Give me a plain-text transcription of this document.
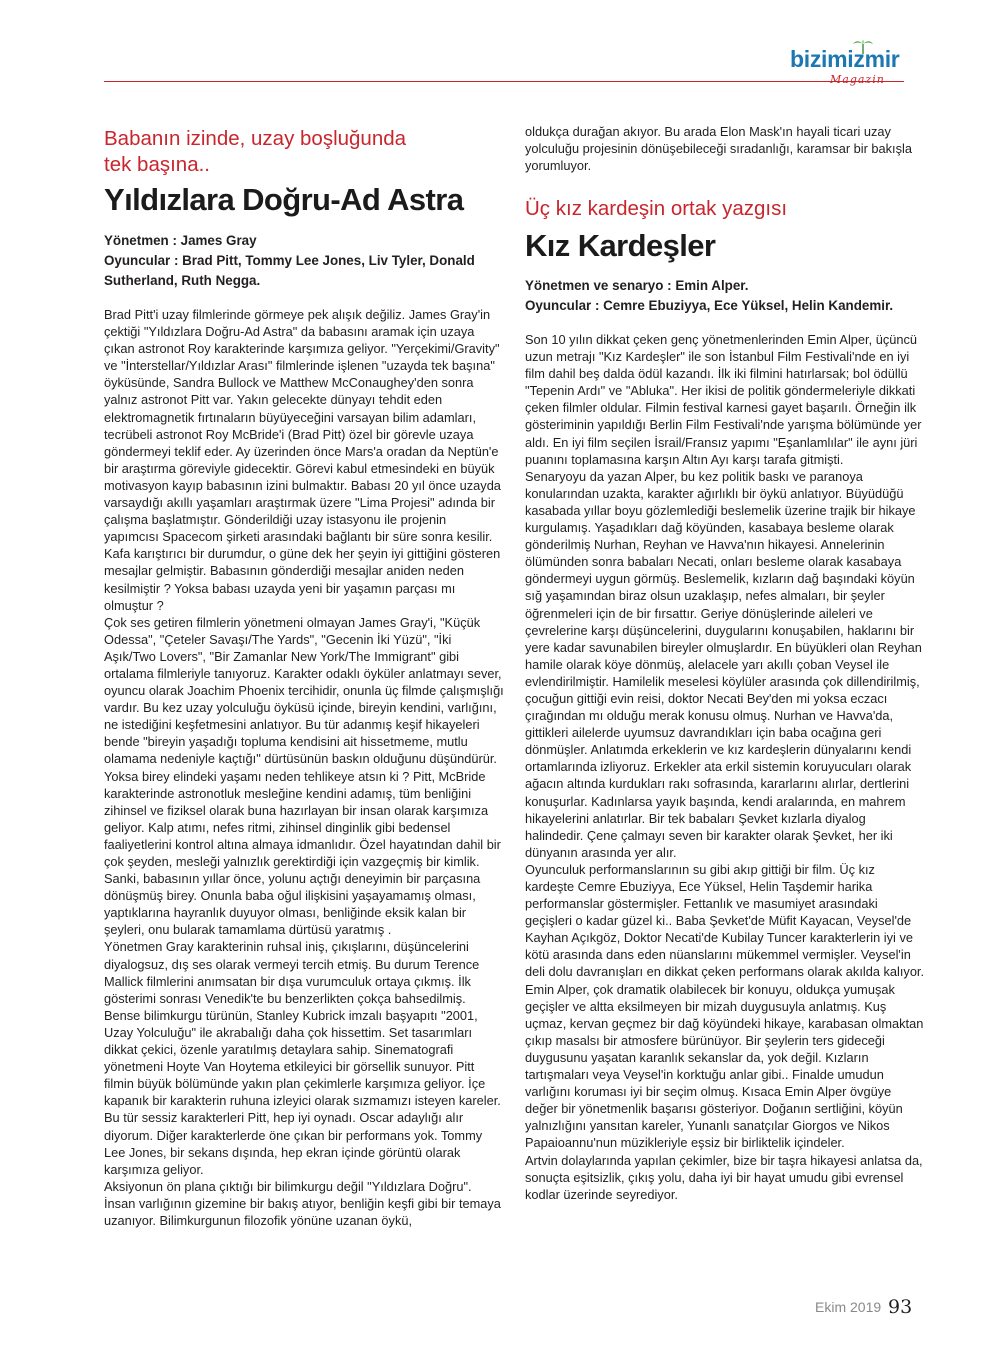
bizimizmir
Magazin

Babanın izinde, uzay boşluğunda
tek başına..

Yıldızlara Doğru-Ad Astra
Yönetmen : James Gray
Oyuncular : Brad Pitt, Tommy Lee Jones, Liv Tyler, Donald Sutherland, Ruth Negga.

Brad Pitt'i uzay filmlerinde görmeye pek alışık değiliz. James Gray'in çektiği "Yıldızlara Doğru-Ad Astra" da babasını aramak için uzaya çıkan astronot Roy karakterinde karşımıza geliyor. "Yerçekimi/Gravity" ve "İnterstellar/Yıldızlar Arası" filmlerinde işlenen "uzayda tek başına" öyküsünde, Sandra Bullock ve Matthew McConaughey'den sonra yalnız astronot Pitt var. Yakın gelecekte dünyayı tehdit eden elektromagnetik fırtınaların büyüyeceğini varsayan bilim adamları, tecrübeli astronot Roy McBride'i (Brad Pitt) özel bir görevle uzaya göndermeyi teklif eder. Ay üzerinden önce Mars'a oradan da Neptün'e bir araştırma göreviyle gidecektir. Görevi kabul etmesindeki en büyük motivasyon kayıp babasının izini bulmaktır. Babası 20 yıl önce uzayda varsaydığı akıllı yaşamları araştırmak üzere "Lima Projesi" adında bir çalışma başlatmıştır. Gönderildiği uzay istasyonu ile projenin yapımcısı Spacecom şirketi arasındaki bağlantı bir süre sonra kesilir. Kafa karıştırıcı bir durumdur, o güne dek her şeyin iyi gittiğini gösteren mesajlar gelmiştir. Babasının gönderdiği mesajlar aniden neden kesilmiştir ? Yoksa babası uzayda yeni bir yaşamın parçası mı olmuştur ?

Çok ses getiren filmlerin yönetmeni olmayan James Gray'i, "Küçük Odessa", "Çeteler Savaşı/The Yards", "Gecenin İki Yüzü", "İki Aşık/Two Lovers", "Bir Zamanlar New York/The Immigrant" gibi ortalama filmleriyle tanıyoruz. Karakter odaklı öyküler anlatmayı sever, oyuncu olarak Joachim Phoenix tercihidir, onunla üç filmde çalışmışlığı vardır. Bu kez uzay yolculuğu öyküsü içinde, bireyin kendini, varlığını, ne istediğini keşfetmesini anlatıyor. Bu tür adanmış keşif hikayeleri bende "bireyin yaşadığı topluma kendisini ait hissetmeme, mutlu olamama nedeniyle kaçtığı" dürtüsünün baskın olduğunu düşündürür. Yoksa birey elindeki yaşamı neden tehlikeye atsın ki ? Pitt, McBride karakterinde astronotluk mesleğine kendini adamış, tüm benliğini zihinsel ve fiziksel olarak buna hazırlayan bir insan olarak karşımıza geliyor. Kalp atımı, nefes ritmi, zihinsel dinginlik gibi bedensel faaliyetlerini kontrol altına almaya idmanlıdır. Özel hayatından dahil bir çok şeyden, mesleği yalnızlık gerektirdiği için vazgeçmiş bir kimlik. Sanki, babasının yıllar önce, yolunu açtığı deneyimin bir parçasına dönüşmüş birey. Onunla baba oğul ilişkisini yaşayamamış olması, yaptıklarına hayranlık duyuyor olması, benliğinde eksik kalan bir şeyleri, onu bularak tamamlama dürtüsü yaratmış .

Yönetmen Gray karakterinin ruhsal iniş, çıkışlarını, düşüncelerini diyalogsuz, dış ses olarak vermeyi tercih etmiş. Bu durum Terence Mallick filmlerini anımsatan bir dışa vurumculuk ortaya çıkmış. İlk gösterimi sonrası Venedik'te bu benzerlikten çokça bahsedilmiş. Bense bilimkurgu türünün, Stanley Kubrick imzalı başyapıtı "2001, Uzay Yolculuğu" ile akrabalığı daha çok hissettim. Set tasarımları dikkat çekici, özenle yaratılmış detaylara sahip. Sinematografi yönetmeni Hoyte Van Hoytema etkileyici bir görsellik sunuyor. Pitt filmin büyük bölümünde yakın plan çekimlerle karşımıza geliyor. İçe kapanık bir karakterin ruhuna izleyici olarak sızmamızı isteyen kareler. Bu tür sessiz karakterleri Pitt, hep iyi oynadı. Oscar adaylığı alır diyorum. Diğer karakterlerde öne çıkan bir performans yok. Tommy Lee Jones, bir sekans dışında, hep ekran içinde görüntü olarak karşımıza geliyor.

Aksiyonun ön plana çıktığı bir bilimkurgu değil "Yıldızlara Doğru". İnsan varlığının gizemine bir bakış atıyor, benliğin keşfi gibi bir temaya uzanıyor. Bilimkurgunun filozofik yönüne uzanan öykü,

oldukça durağan akıyor. Bu arada Elon Mask'ın hayali ticari uzay yolculuğu projesinin dönüşebileceği sıradanlığı, karamsar bir bakışla yorumluyor.

Üç kız kardeşin ortak yazgısı

Kız Kardeşler
Yönetmen ve senaryo : Emin Alper.
Oyuncular : Cemre Ebuziyya, Ece Yüksel, Helin Kandemir.

Son 10 yılın dikkat çeken genç yönetmenlerinden Emin Alper, üçüncü uzun metrajı "Kız Kardeşler" ile son İstanbul Film Festivali'nde en iyi film dahil beş dalda ödül kazandı. İlk iki filmini hatırlarsak; bol ödüllü "Tepenin Ardı" ve "Abluka". Her ikisi de politik göndermeleriyle dikkati çeken filmler oldular. Filmin festival karnesi gayet başarılı. Örneğin ilk gösteriminin yapıldığı Berlin Film Festivali'nde yarışma bölümünde yer aldı. En iyi film seçilen İsrail/Fransız yapımı "Eşanlamlılar" ile aynı jüri puanını toplamasına karşın Altın Ayı karşı tarafa gitmişti.

Senaryoyu da yazan Alper, bu kez politik baskı ve paranoya konularından uzakta, karakter ağırlıklı bir öykü anlatıyor. Büyüdüğü kasabada yıllar boyu gözlemlediği beslemelik üzerine trajik bir hikaye kurgulamış. Yaşadıkları dağ köyünden, kasabaya besleme olarak gönderilmiş Nurhan, Reyhan ve Havva'nın hikayesi. Annelerinin ölümünden sonra babaları Necati, onları besleme olarak kasabaya göndermeyi uygun görmüş. Beslemelik, kızların dağ başındaki köyün sığ yaşamından biraz olsun uzaklaşıp, nefes almaları, bir şeyler öğrenmeleri için de bir fırsattır. Geriye dönüşlerinde aileleri ve çevrelerine karşı düşüncelerini, duygularını konuşabilen, haklarını bir yere kadar savunabilen bireyler olmuşlardır. En büyükleri olan Reyhan hamile olarak köye dönmüş, alelacele yarı akıllı çoban Veysel ile evlendirilmiştir. Hamilelik meselesi köylüler arasında çok dillendirilmiş, çocuğun gittiği evin reisi, doktor Necati Bey'den mi yoksa eczacı çırağından mı olduğu merak konusu olmuş. Nurhan ve Havva'da, gittikleri ailelerde uyumsuz davrandıkları için baba ocağına geri dönmüşler. Anlatımda erkeklerin ve kız kardeşlerin dünyalarını kendi ortamlarında izliyoruz. Erkekler ata erkil sistemin koruyucuları olarak ağacın altında kurdukları rakı sofrasında, kararlarını alırlar, dertlerini konuşurlar. Kadınlarsa yayık başında, kendi aralarında, en mahrem hikayelerini anlatırlar. Bir tek babaları Şevket kızlarla diyalog halindedir. Çene çalmayı seven bir karakter olarak Şevket, her iki dünyanın arasında yer alır.

Oyunculuk performanslarının su gibi akıp gittiği bir film. Üç kız kardeşte Cemre Ebuziyya, Ece Yüksel, Helin Taşdemir harika performanslar göstermişler. Fettanlık ve masumiyet arasındaki geçişleri o kadar güzel ki.. Baba Şevket'de Müfit Kayacan, Veysel'de Kayhan Açıkgöz, Doktor Necati'de Kubilay Tuncer karakterlerin iyi ve kötü arasında dans eden nüanslarını mükemmel vermişler. Veysel'in deli dolu davranışları en dikkat çeken performans olarak akılda kalıyor.

Emin Alper, çok dramatik olabilecek bir konuyu, oldukça yumuşak geçişler ve altta eksilmeyen bir mizah duygusuyla anlatmış. Kuş uçmaz, kervan geçmez bir dağ köyündeki hikaye, karabasan olmaktan çıkıp masalsı bir atmosfere bürünüyor. Bir şeylerin ters gideceği duygusunu yaşatan karanlık sekanslar da, yok değil. Kızların tartışmaları veya Veysel'in korktuğu anlar gibi.. Finalde umudun varlığını koruması iyi bir seçim olmuş. Kısaca Emin Alper övgüye değer bir yönetmenlik başarısı gösteriyor. Doğanın sertliğini, köyün yalnızlığını yansıtan kareler, Yunanlı sanatçılar Giorgos ve Nikos Papaioannu'nun müzikleriyle eşsiz bir birliktelik içindeler.

Artvin dolaylarında yapılan çekimler, bize bir taşra hikayesi anlatsa da, sonuçta eşitsizlik, çıkış yolu, daha iyi bir hayat umudu gibi evrensel kodlar üzerinde seyrediyor.

Ekim 2019 93
